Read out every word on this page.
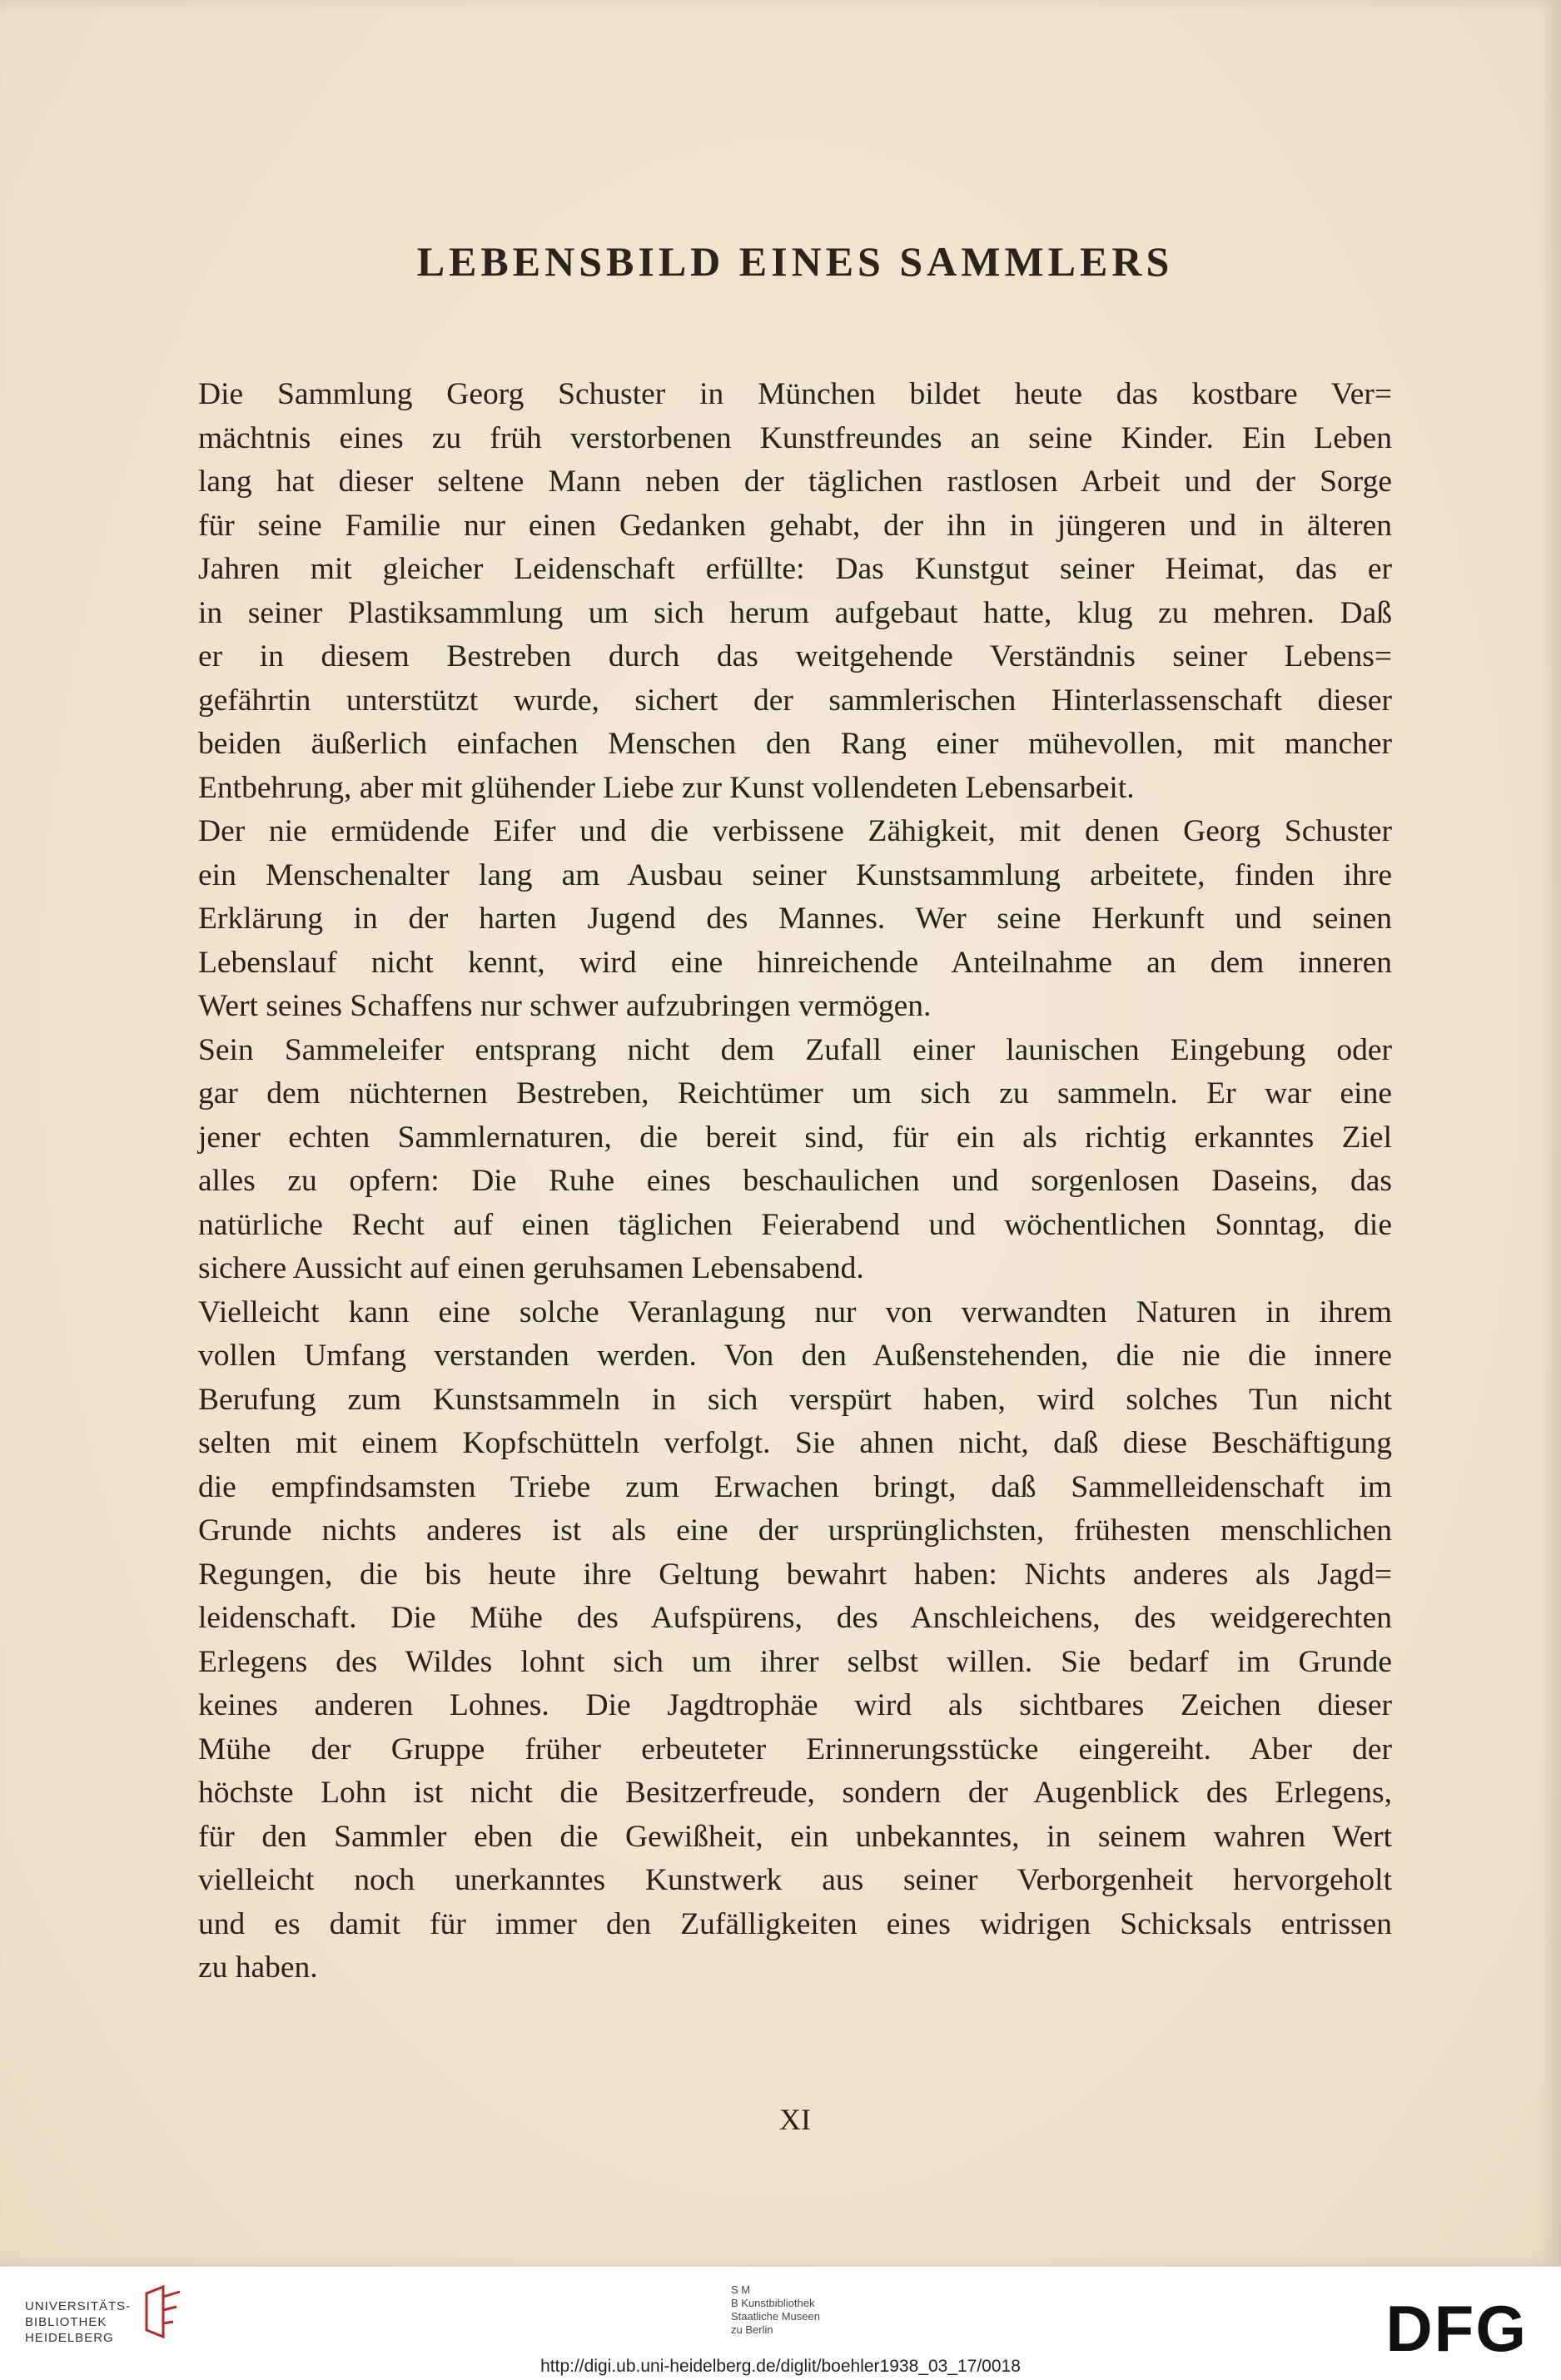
LEBENSBILD EINES SAMMLERS
Die Sammlung Georg Schuster in München bildet heute das kostbare Ver=
mächtnis eines zu früh verstorbenen Kunstfreundes an seine Kinder. Ein Leben
lang hat dieser seltene Mann neben der täglichen rastlosen Arbeit und der Sorge
für seine Familie nur einen Gedanken gehabt, der ihn in jüngeren und in älteren
Jahren mit gleicher Leidenschaft erfüllte: Das Kunstgut seiner Heimat, das er
in seiner Plastiksammlung um sich herum aufgebaut hatte, klug zu mehren. Daß
er in diesem Bestreben durch das weitgehende Verständnis seiner Lebens=
gefährtin unterstützt wurde, sichert der sammlerischen Hinterlassenschaft dieser
beiden äußerlich einfachen Menschen den Rang einer mühevollen, mit mancher
Entbehrung, aber mit glühender Liebe zur Kunst vollendeten Lebensarbeit.
Der nie ermüdende Eifer und die verbissene Zähigkeit, mit denen Georg Schuster
ein Menschenalter lang am Ausbau seiner Kunstsammlung arbeitete, finden ihre
Erklärung in der harten Jugend des Mannes. Wer seine Herkunft und seinen
Lebenslauf nicht kennt, wird eine hinreichende Anteilnahme an dem inneren
Wert seines Schaffens nur schwer aufzubringen vermögen.
Sein Sammeleifer entsprang nicht dem Zufall einer launischen Eingebung oder
gar dem nüchternen Bestreben, Reichtümer um sich zu sammeln. Er war eine
jener echten Sammlernaturen, die bereit sind, für ein als richtig erkanntes Ziel
alles zu opfern: Die Ruhe eines beschaulichen und sorgenlosen Daseins, das
natürliche Recht auf einen täglichen Feierabend und wöchentlichen Sonntag, die
sichere Aussicht auf einen geruhsamen Lebensabend.
Vielleicht kann eine solche Veranlagung nur von verwandten Naturen in ihrem
vollen Umfang verstanden werden. Von den Außenstehenden, die nie die innere
Berufung zum Kunstsammeln in sich verspürt haben, wird solches Tun nicht
selten mit einem Kopfschütteln verfolgt. Sie ahnen nicht, daß diese Beschäftigung
die empfindsamsten Triebe zum Erwachen bringt, daß Sammelleidenschaft im
Grunde nichts anderes ist als eine der ursprünglichsten, frühesten menschlichen
Regungen, die bis heute ihre Geltung bewahrt haben: Nichts anderes als Jagd=
leidenschaft. Die Mühe des Aufspürens, des Anschleichens, des weidgerechten
Erlegens des Wildes lohnt sich um ihrer selbst willen. Sie bedarf im Grunde
keines anderen Lohnes. Die Jagdtrophäe wird als sichtbares Zeichen dieser
Mühe der Gruppe früher erbeuteter Erinnerungsstücke eingereiht. Aber der
höchste Lohn ist nicht die Besitzerfreude, sondern der Augenblick des Erlegens,
für den Sammler eben die Gewißheit, ein unbekanntes, in seinem wahren Wert
vielleicht noch unerkanntes Kunstwerk aus seiner Verborgenheit hervorgeholt
und es damit für immer den Zufälligkeiten eines widrigen Schicksals entrissen
zu haben.
XI
UNIVERSITÄTS-
BIBLIOTHEK
HEIDELBERG
S M
B Kunstbibliothek
Staatliche Museen
zu Berlin	DFG
http://digi.ub.uni-heidelberg.de/diglit/boehler1938_03_17/0018
